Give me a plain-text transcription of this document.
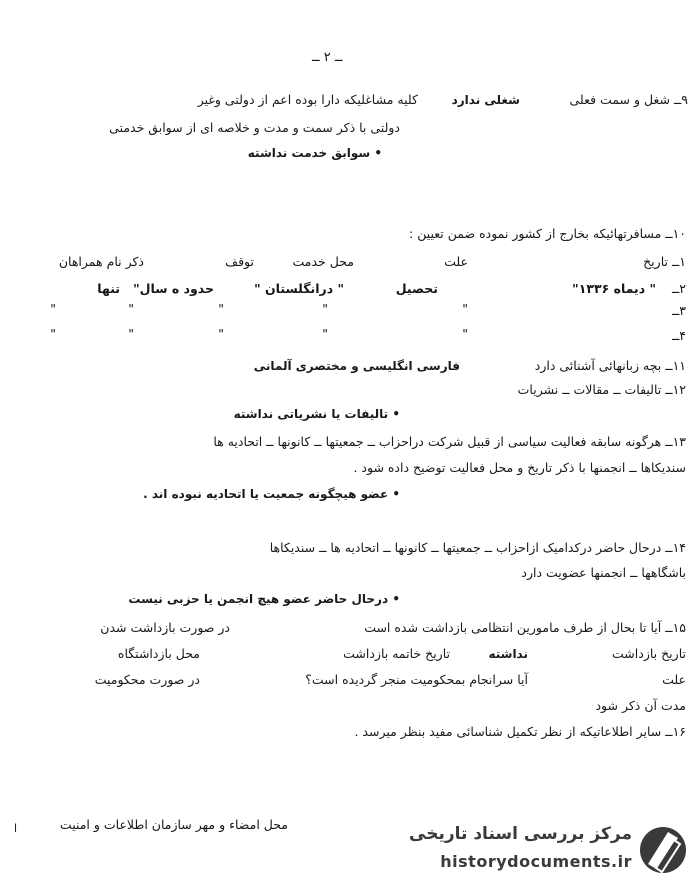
ــ ۲ ــ
۹ــ شغل و سمت فعلی
شغلی ندارد
کلیه مشاغلیکه دارا بوده اعم از دولتی وغیر
دولتی با ذکر سمت و مدت و خلاصه ای از سوابق خدمتی
• سوابق خدمت نداشته
۱۰ــ مسافرتهائیکه بخارج از کشور نموده ضمن تعیین :
۱ــ تاریخ
علت
محل خدمت
توقف
ذکر نام همراهان
۲ــ
" دیماه ۱۳۳۶"
تحصیل
" درانگلستان "
حدود ه سال"
تنها
۳ــ
"
"
"
"
"
۴ــ
"
"
"
"
"
۱۱ــ بچه زبانهائی آشنائی دارد
فارسی انگلیسی و مختصری آلمانی
۱۲ــ تالیفات ــ مقالات ــ نشریات
• تالیفات یا نشریاتی نداشته
۱۳ــ هرگونه سابقه فعالیت سیاسی از قبیل شرکت دراحزاب ــ جمعیتها ــ کانونها ــ اتحادیه ها
سندیکاها ــ انجمنها با ذکر تاریخ و محل فعالیت توضیح داده شود .
• عضو هیچگونه جمعیت یا اتحادیه نبوده اند .
۱۴ــ درحال حاضر درکدامیک ازاحزاب ــ جمعیتها ــ کانونها ــ اتحادیه ها ــ سندیکاها
باشگاهها ــ انجمنها عضویت دارد
• درحال حاضر عضو هیچ انجمن یا حزبی نیست
۱۵ــ آیا تا بحال از طرف مامورین انتظامی بازداشت شده است
در صورت بازداشت شدن
تاریخ بازداشت
نداشته
تاریخ خاتمه بازداشت
محل بازداشتگاه
علت
آیا سرانجام بمحکومیت منجر گردیده است؟
در صورت محکومیت
مدت آن ذکر شود
۱۶ــ سایر اطلاعاتیکه از نظر تکمیل شناسائی مفید بنظر میرسد .
محل امضاء و مهر سازمان اطلاعات و امنیت
ا	مرکز بررسی اسناد تاریخی
historydocuments.ir
